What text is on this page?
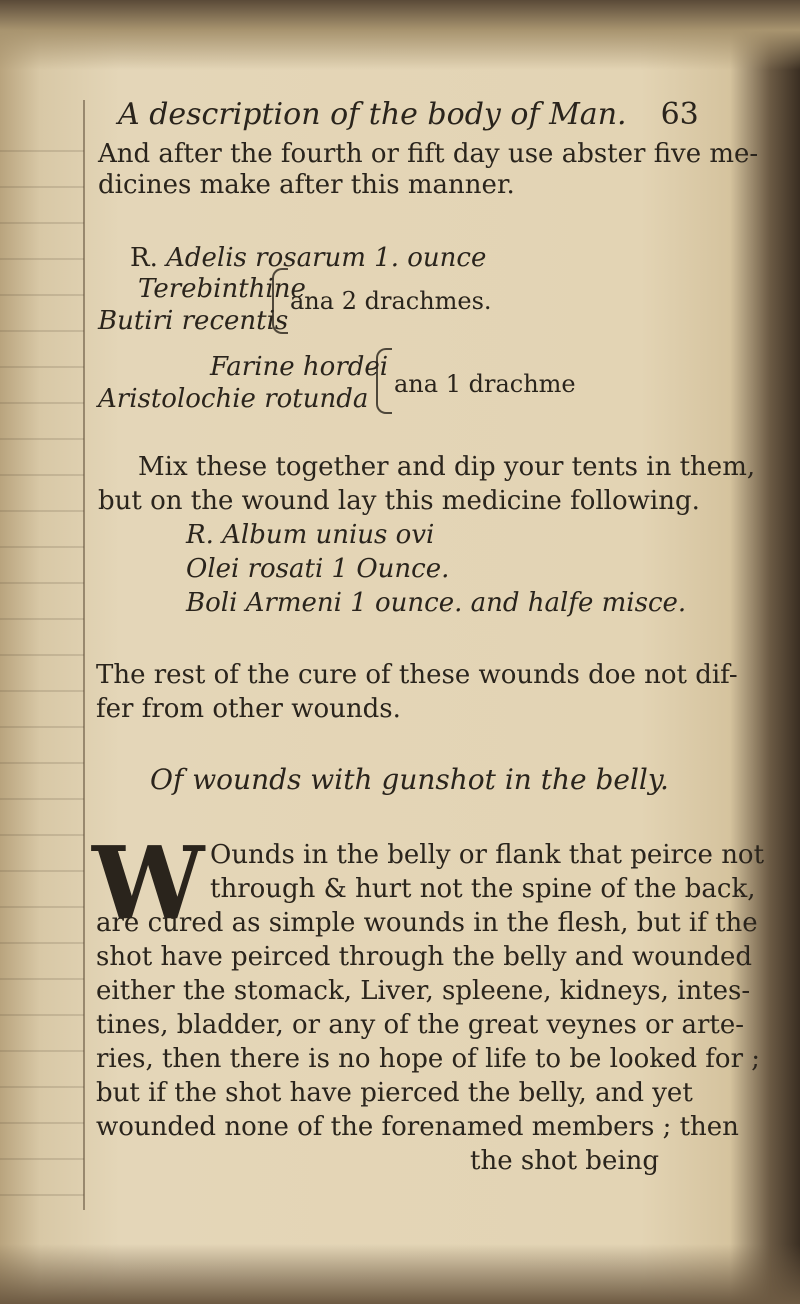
A description of the body of Man. 63
And after the fourth or fift day use abster five me-
dicines make after this manner.
R. Adelis rosarum 1. ounce
Terebinthine
Butiri recentis
ana 2 drachmes.
Farine hordei
Aristolochie rotunda ana 1 drachme
Mix these together and dip your tents in them,
but on the wound lay this medicine following.
R. Album unius ovi
Olei rosati 1 Ounce.
Boli Armeni 1 ounce. and halfe misce.
The rest of the cure of these wounds doe not dif-
fer from other wounds.
Of wounds with gunshot in the belly.
W Ounds in the belly or flank that peirce not
through & hurt not the spine of the back,
are cured as simple wounds in the flesh, but if the
shot have peirced through the belly and wounded
either the stomack, Liver, spleene, kidneys, intes-
tines, bladder, or any of the great veynes or arte-
ries, then there is no hope of life to be looked for ;
but if the shot have pierced the belly, and yet
wounded none of the forenamed members ; then
the shot being
